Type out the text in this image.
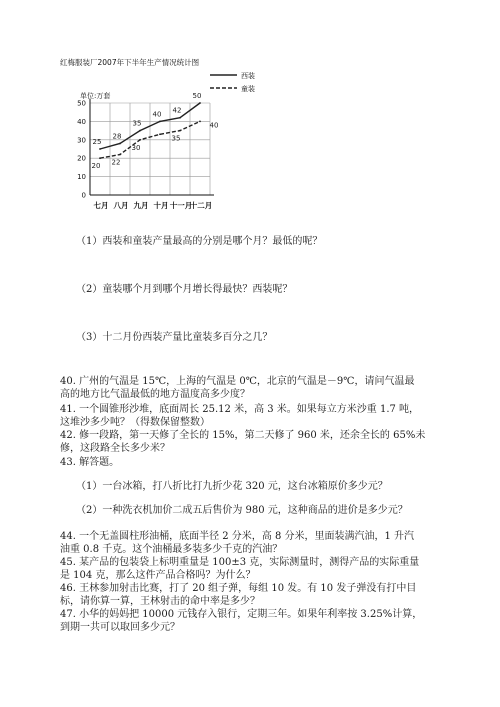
红梅服装厂2007年下半年生产情况统计图
单位:万套
西装
童装
0
10
20
30
40
50
七月 八月 九月 十月 十一月
十二月
25
28
35
40 42
50
20 22
30
35
40
（1）西装和童装产量最高的分别是哪个月？最低的呢？
（2）童装哪个月到哪个月增长得最快？西装呢？
（3）十二月份西装产量比童装多百分之几？
40. 广州的气温是 15℃，上海的气温是 0℃，北京的气温是－9℃，请问气温最
高的地方比气温最低的地方温度高多少度？
41. 一个圆锥形沙堆，底面周长 25.12 米，高 3 米。如果每立方米沙重 1.7 吨，
这堆沙多少吨？（得数保留整数）
42. 修一段路，第一天修了全长的 15%，第二天修了 960 米，还余全长的 65%未
修，这段路全长多少米？
43. 解答题。
（1）一台冰箱，打八折比打九折少花 320 元，这台冰箱原价多少元？
（2）一种洗衣机加价二成五后售价为 980 元，这种商品的进价是多少元？
44. 一个无盖圆柱形油桶，底面半径 2 分米，高 8 分米，里面装满汽油，1 升汽
油重 0.8 千克。这个油桶最多装多少千克的汽油？
45. 某产品的包装袋上标明重量是 100±3 克，实际测量时，测得产品的实际重量
是 104 克，那么这件产品合格吗？为什么？
46. 王林参加射击比赛，打了 20 组子弹，每组 10 发。有 10 发子弹没有打中目
标，请你算一算，王林射击的命中率是多少？
47. 小华的妈妈把 10000 元钱存入银行，定期三年。如果年利率按 3.25%计算，
到期一共可以取回多少元？
